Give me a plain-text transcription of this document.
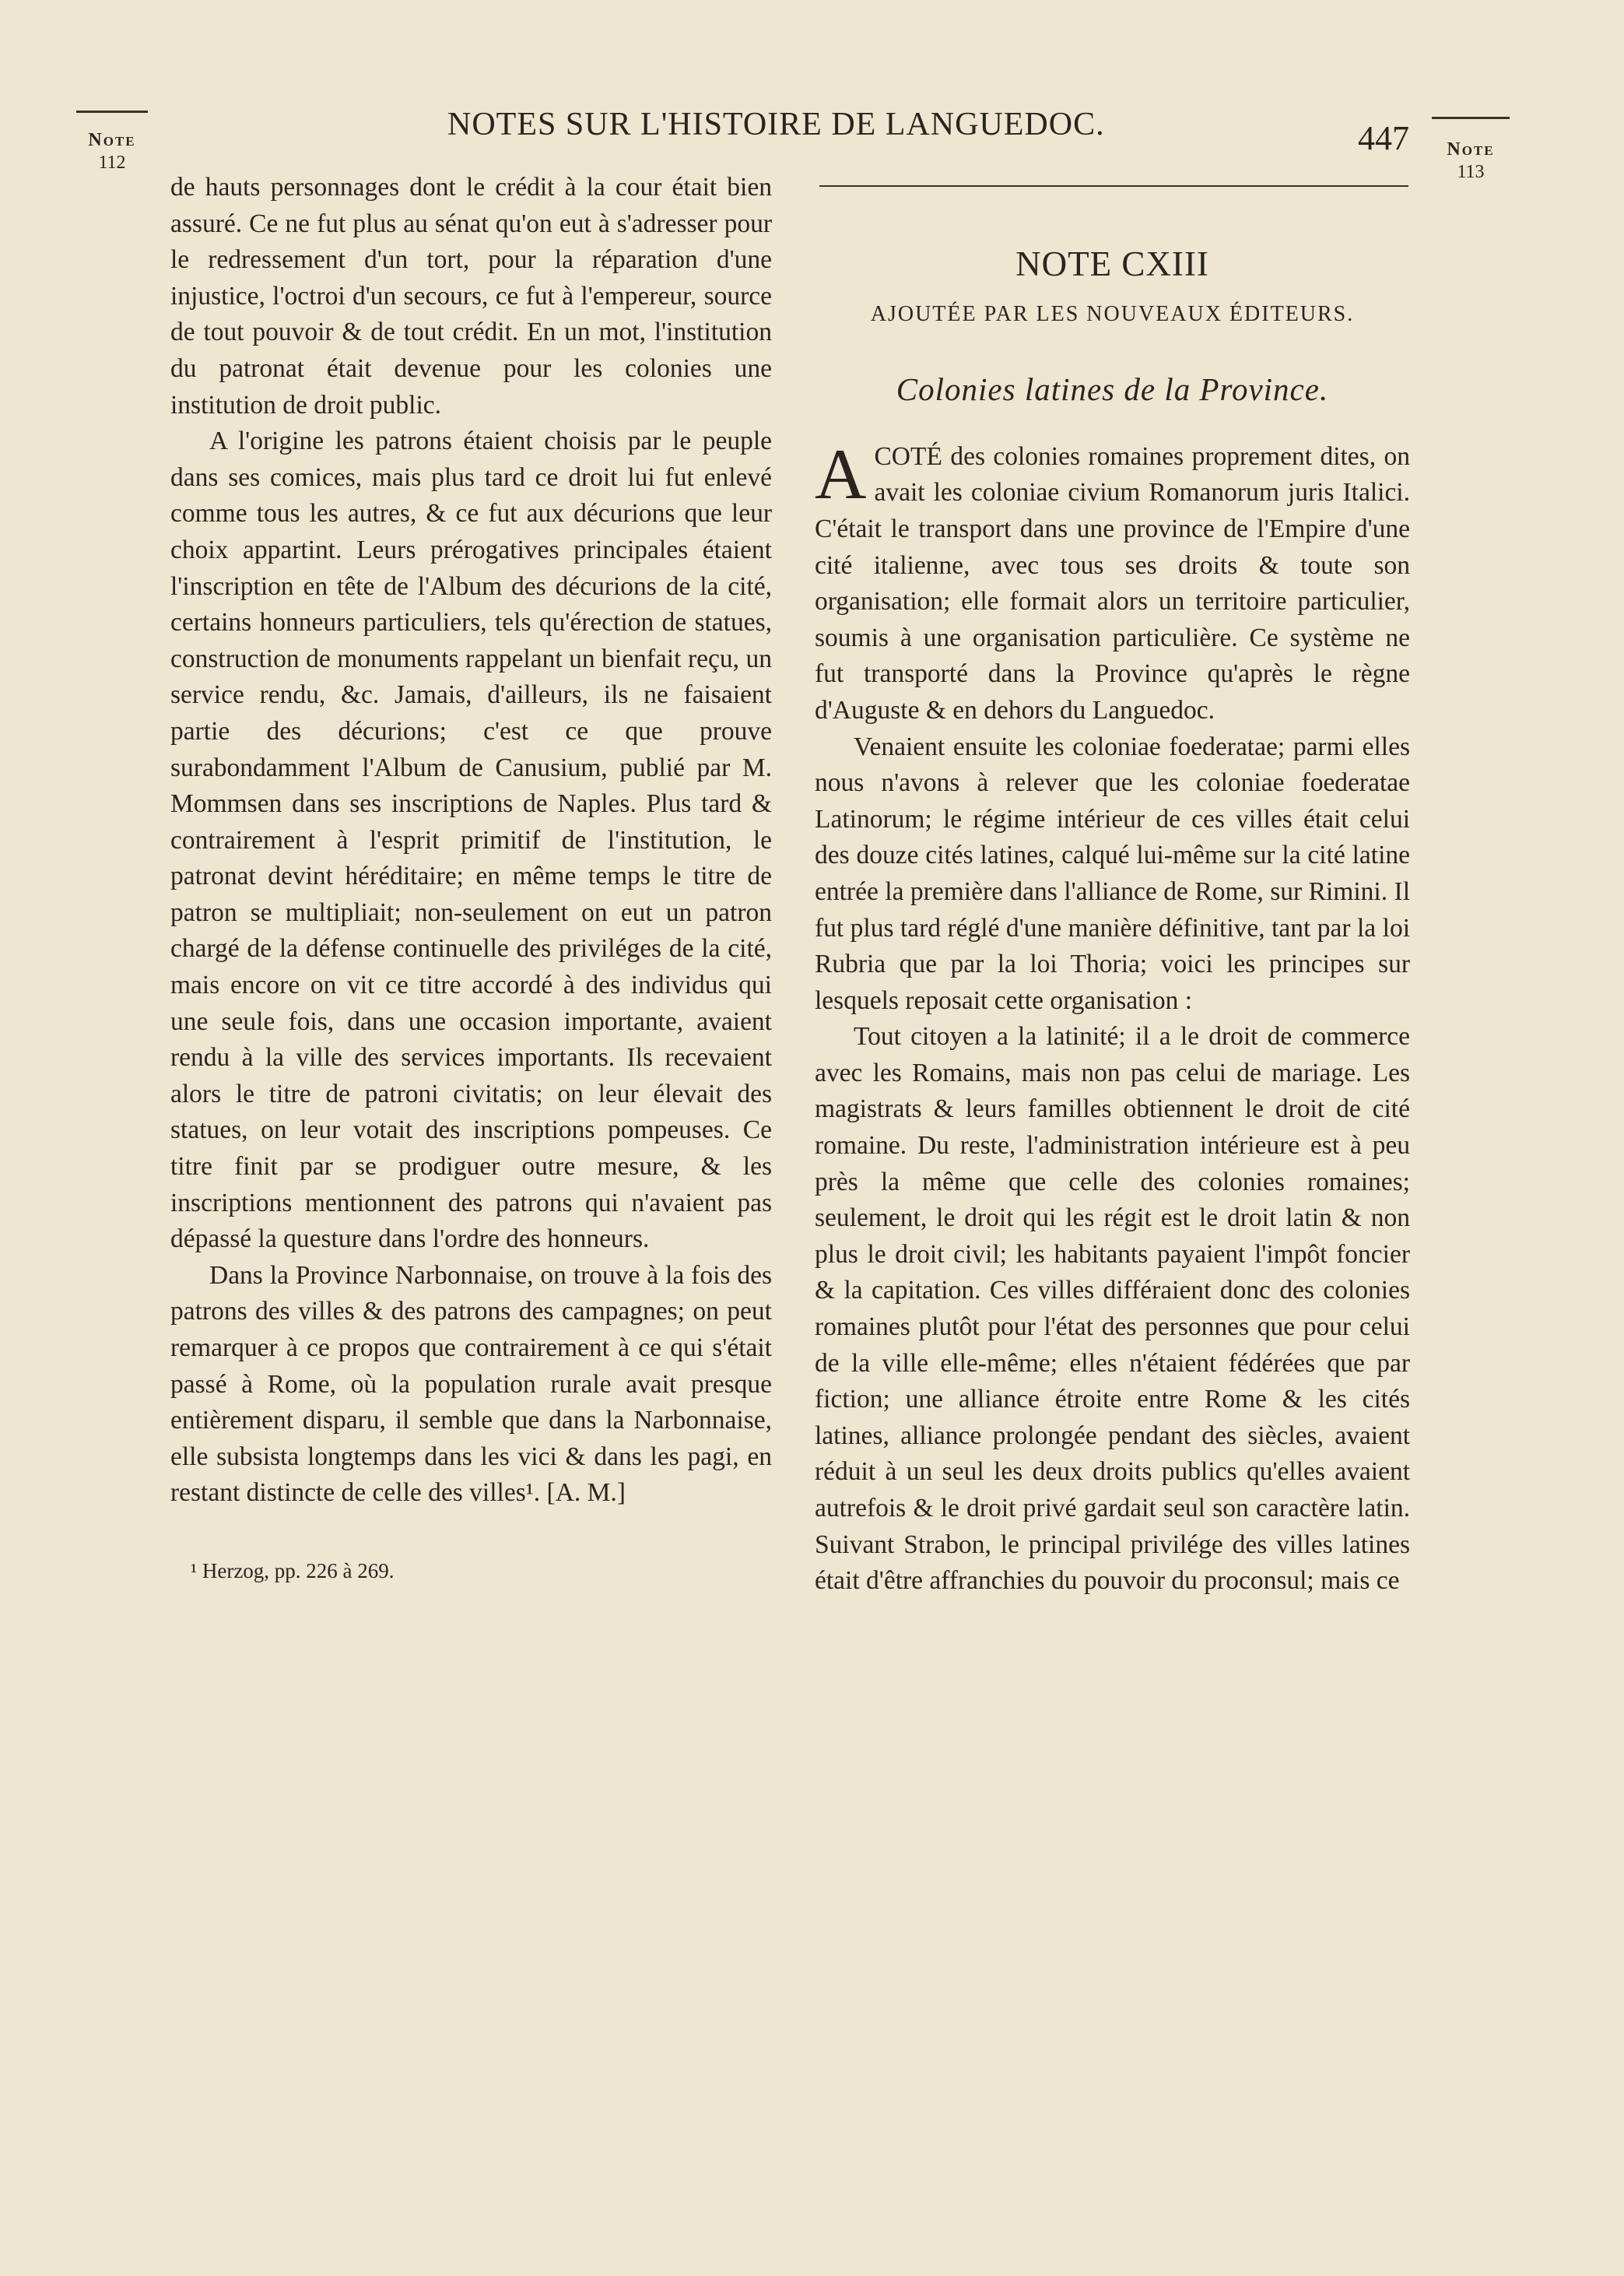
Note
112
Note
113
NOTES SUR L'HISTOIRE DE LANGUEDOC.	447

de hauts personnages dont le crédit à la cour était bien assuré. Ce ne fut plus au sénat qu'on eut à s'adresser pour le redressement d'un tort, pour la réparation d'une injustice, l'octroi d'un secours, ce fut à l'empereur, source de tout pouvoir & de tout crédit. En un mot, l'institution du patronat était devenue pour les colonies une institution de droit public.

A l'origine les patrons étaient choisis par le peuple dans ses comices, mais plus tard ce droit lui fut enlevé comme tous les autres, & ce fut aux décurions que leur choix appartint. Leurs prérogatives principales étaient l'inscription en tête de l'Album des décurions de la cité, certains honneurs particuliers, tels qu'érection de statues, construction de monuments rappelant un bienfait reçu, un service rendu, &c. Jamais, d'ailleurs, ils ne faisaient partie des décurions; c'est ce que prouve surabondamment l'Album de Canusium, publié par M. Mommsen dans ses inscriptions de Naples. Plus tard & contrairement à l'esprit primitif de l'institution, le patronat devint héréditaire; en même temps le titre de patron se multipliait; non-seulement on eut un patron chargé de la défense continuelle des priviléges de la cité, mais encore on vit ce titre accordé à des individus qui une seule fois, dans une occasion importante, avaient rendu à la ville des services importants. Ils recevaient alors le titre de patroni civitatis; on leur élevait des statues, on leur votait des inscriptions pompeuses. Ce titre finit par se prodiguer outre mesure, & les inscriptions mentionnent des patrons qui n'avaient pas dépassé la questure dans l'ordre des honneurs.

Dans la Province Narbonnaise, on trouve à la fois des patrons des villes & des patrons des campagnes; on peut remarquer à ce propos que contrairement à ce qui s'était passé à Rome, où la population rurale avait presque entièrement disparu, il semble que dans la Narbonnaise, elle subsista longtemps dans les vici & dans les pagi, en restant distincte de celle des villes¹. [A. M.]

¹ Herzog, pp. 226 à 269.
NOTE CXIII
AJOUTÉE PAR LES NOUVEAUX ÉDITEURS.
Colonies latines de la Province.

ACOTÉ des colonies romaines proprement dites, on avait les coloniae civium Romanorum juris Italici. C'était le transport dans une province de l'Empire d'une cité italienne, avec tous ses droits & toute son organisation; elle formait alors un territoire particulier, soumis à une organisation particulière. Ce système ne fut transporté dans la Province qu'après le règne d'Auguste & en dehors du Languedoc.

Venaient ensuite les coloniae foederatae; parmi elles nous n'avons à relever que les coloniae foederatae Latinorum; le régime intérieur de ces villes était celui des douze cités latines, calqué lui-même sur la cité latine entrée la première dans l'alliance de Rome, sur Rimini. Il fut plus tard réglé d'une manière définitive, tant par la loi Rubria que par la loi Thoria; voici les principes sur lesquels reposait cette organisation :

Tout citoyen a la latinité; il a le droit de commerce avec les Romains, mais non pas celui de mariage. Les magistrats & leurs familles obtiennent le droit de cité romaine. Du reste, l'administration intérieure est à peu près la même que celle des colonies romaines; seulement, le droit qui les régit est le droit latin & non plus le droit civil; les habitants payaient l'impôt foncier & la capitation. Ces villes différaient donc des colonies romaines plutôt pour l'état des personnes que pour celui de la ville elle-même; elles n'étaient fédérées que par fiction; une alliance étroite entre Rome & les cités latines, alliance prolongée pendant des siècles, avaient réduit à un seul les deux droits publics qu'elles avaient autrefois & le droit privé gardait seul son caractère latin. Suivant Strabon, le principal privilége des villes latines était d'être affranchies du pouvoir du proconsul; mais ce
